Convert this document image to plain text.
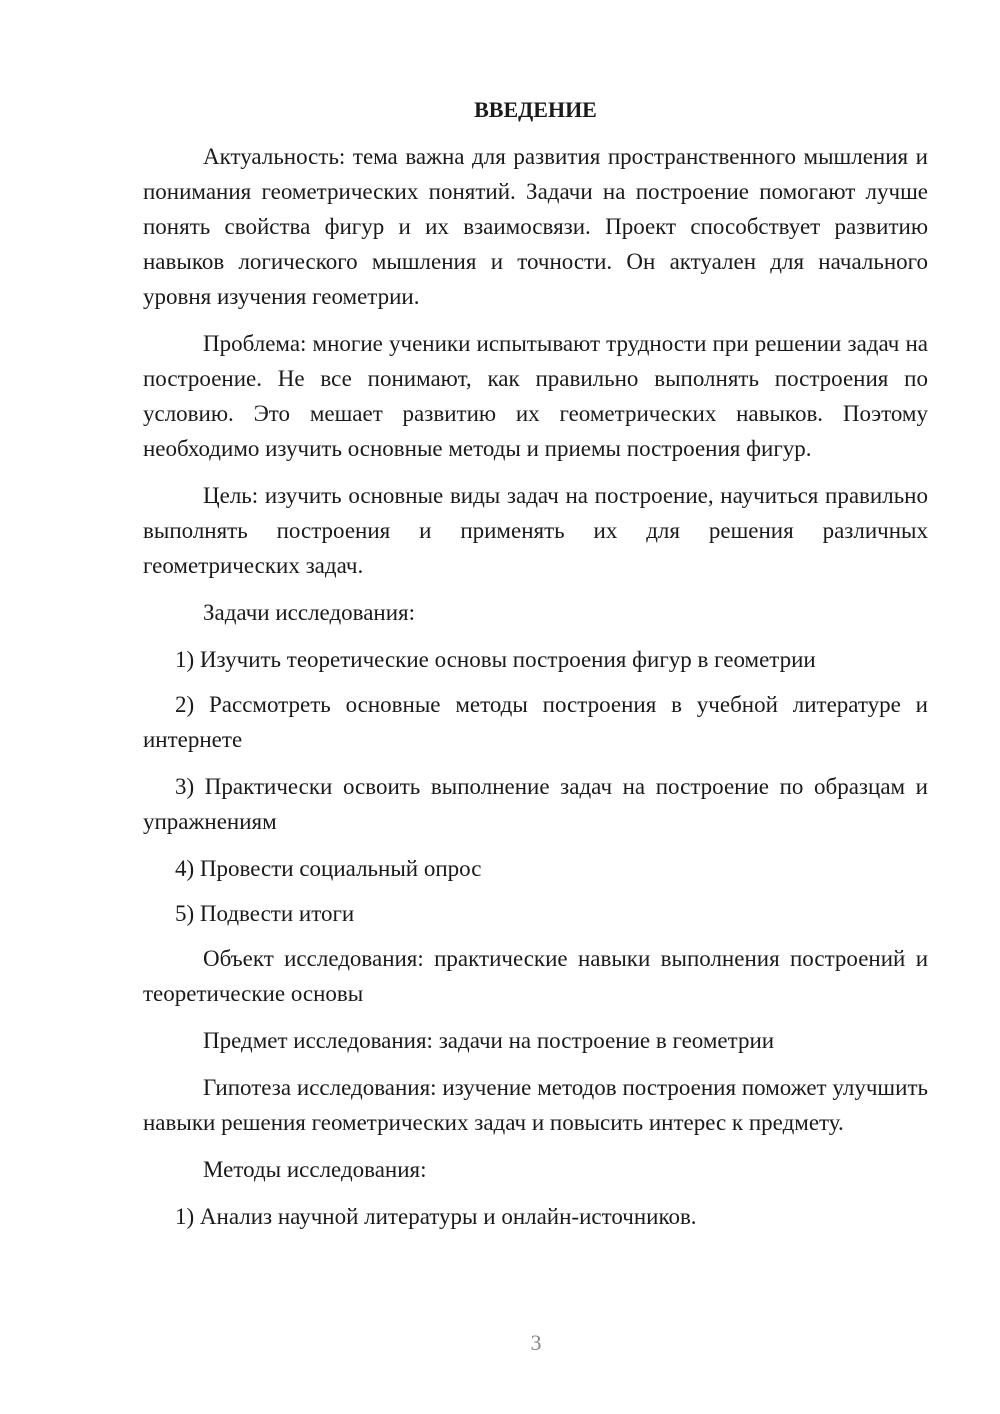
ВВЕДЕНИЕ

Актуальность: тема важна для развития пространственного мышления и понимания геометрических понятий. Задачи на построение помогают лучше понять свойства фигур и их взаимосвязи. Проект способствует развитию навыков логического мышления и точности. Он актуален для начального уровня изучения геометрии.

Проблема: многие ученики испытывают трудности при решении задач на построение. Не все понимают, как правильно выполнять построения по условию. Это мешает развитию их геометрических навыков. Поэтому необходимо изучить основные методы и приемы построения фигур.

Цель: изучить основные виды задач на построение, научиться правильно выполнять построения и применять их для решения различных геометрических задач.

Задачи исследования:

1) Изучить теоретические основы построения фигур в геометрии

2) Рассмотреть основные методы построения в учебной литературе и интернете

3) Практически освоить выполнение задач на построение по образцам и упражнениям

4) Провести социальный опрос

5) Подвести итоги

Объект исследования: практические навыки выполнения построений и теоретические основы

Предмет исследования: задачи на построение в геометрии

Гипотеза исследования: изучение методов построения поможет улучшить навыки решения геометрических задач и повысить интерес к предмету.

Методы исследования:

1) Анализ научной литературы и онлайн-источников.

3
